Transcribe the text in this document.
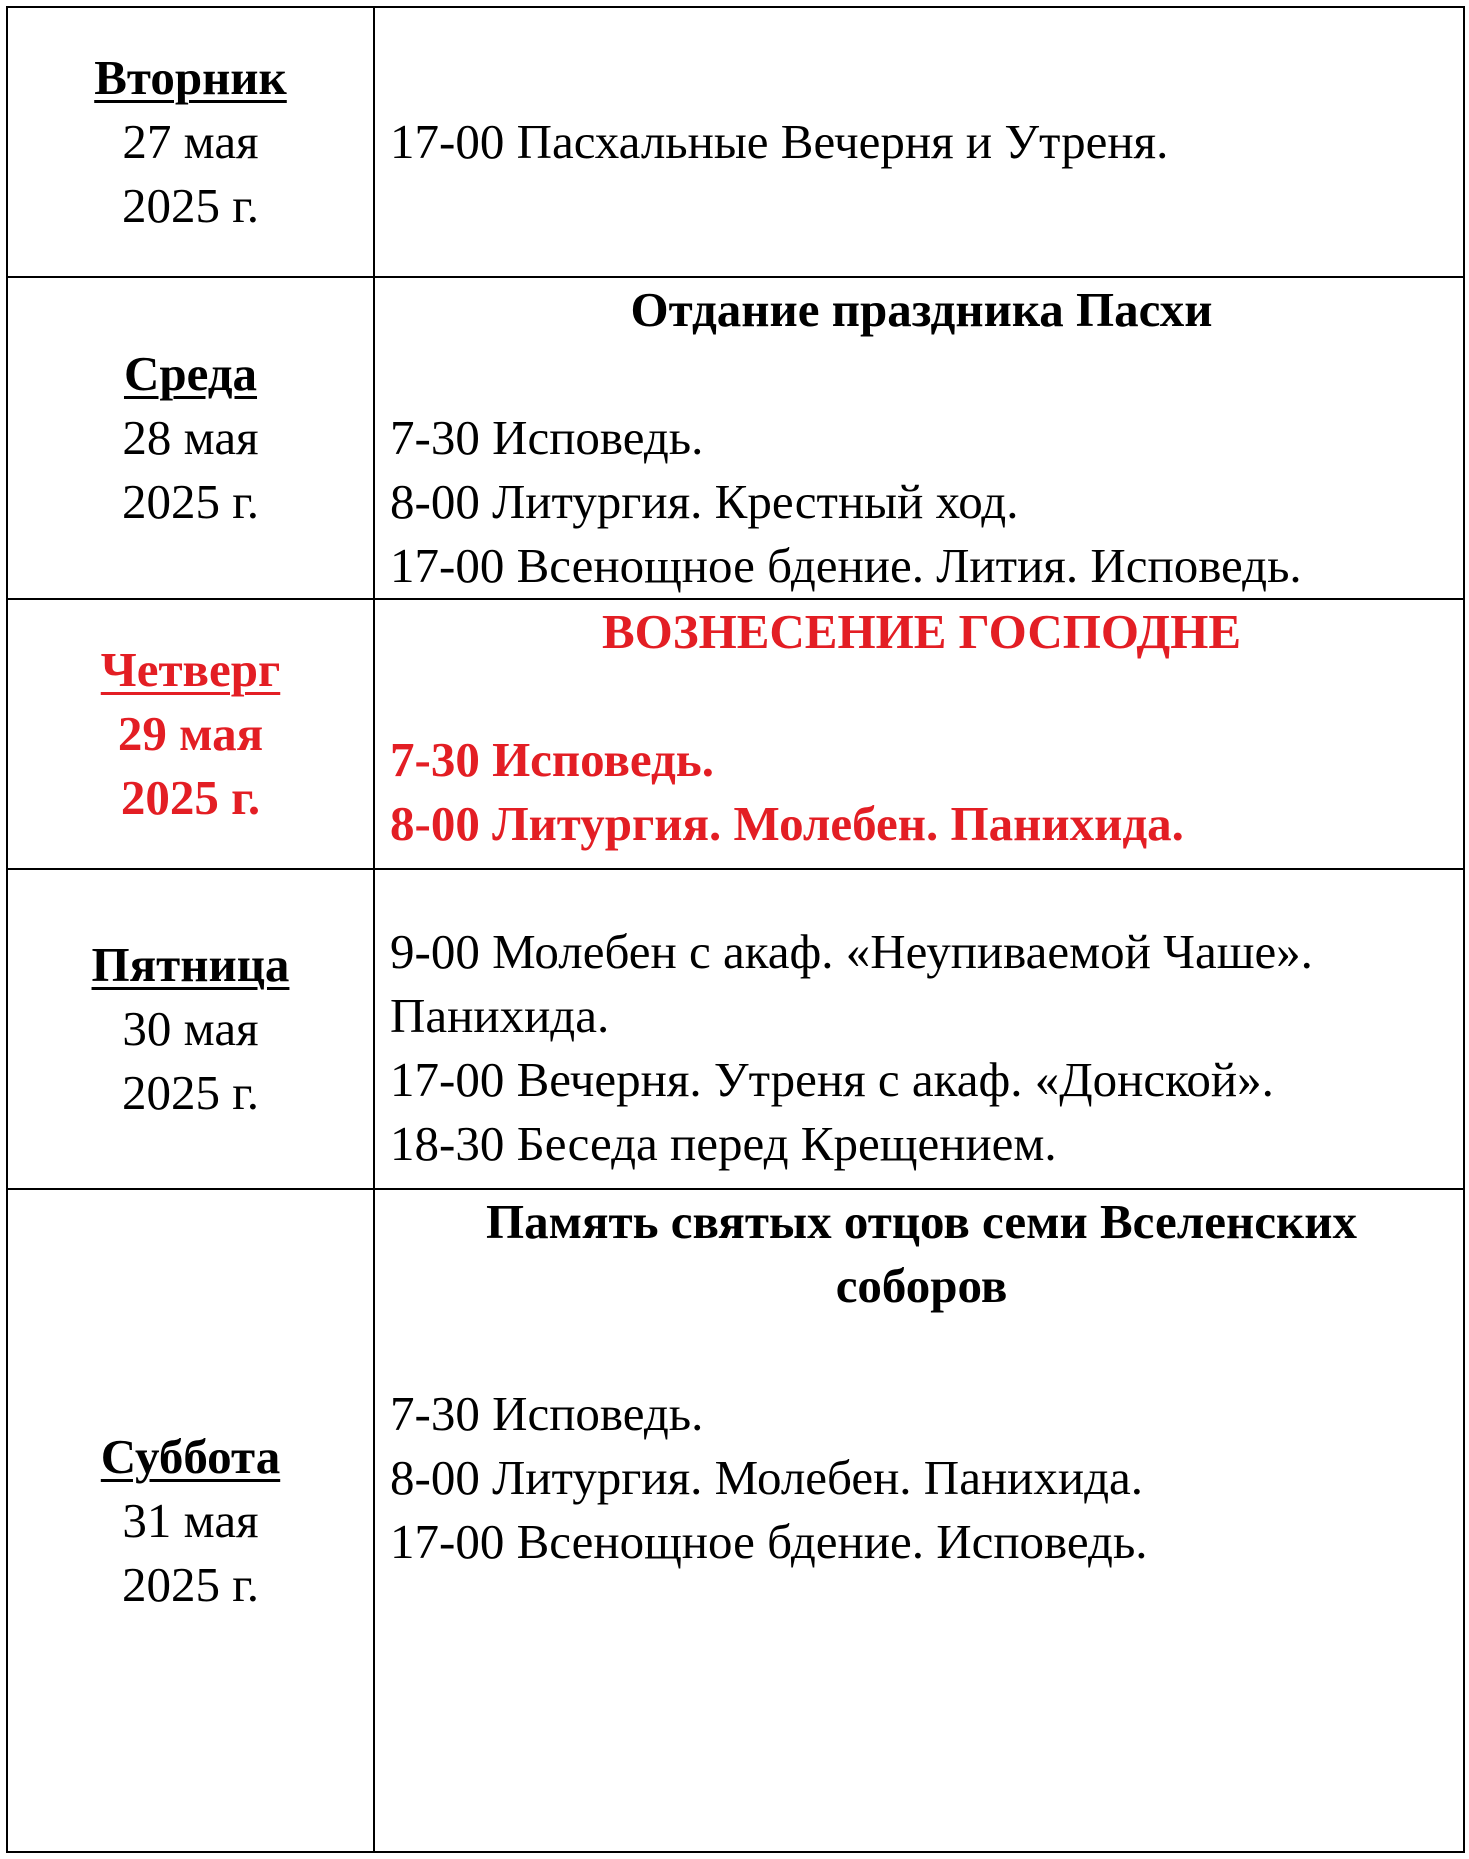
Вторник
27 мая
2025 г.	17-00 Пасхальные Вечерня и Утреня.

Среда
28 мая
2025 г.	Отдание праздника Пасхи

7-30 Исповедь.
8-00 Литургия. Крестный ход.
17-00 Всенощное бдение. Лития. Исповедь.

Четверг
29 мая
2025 г.	ВОЗНЕСЕНИЕ ГОСПОДНЕ

7-30 Исповедь.
8-00 Литургия. Молебен. Панихида.

Пятница
30 мая
2025 г.	9-00 Молебен с акаф. «Неупиваемой Чаше».
Панихида.
17-00 Вечерня. Утреня с акаф. «Донской».
18-30 Беседа перед Крещением.

Суббота
31 мая
2025 г.	Память святых отцов семи Вселенских
соборов

7-30 Исповедь.
8-00 Литургия. Молебен. Панихида.
17-00 Всенощное бдение. Исповедь.
